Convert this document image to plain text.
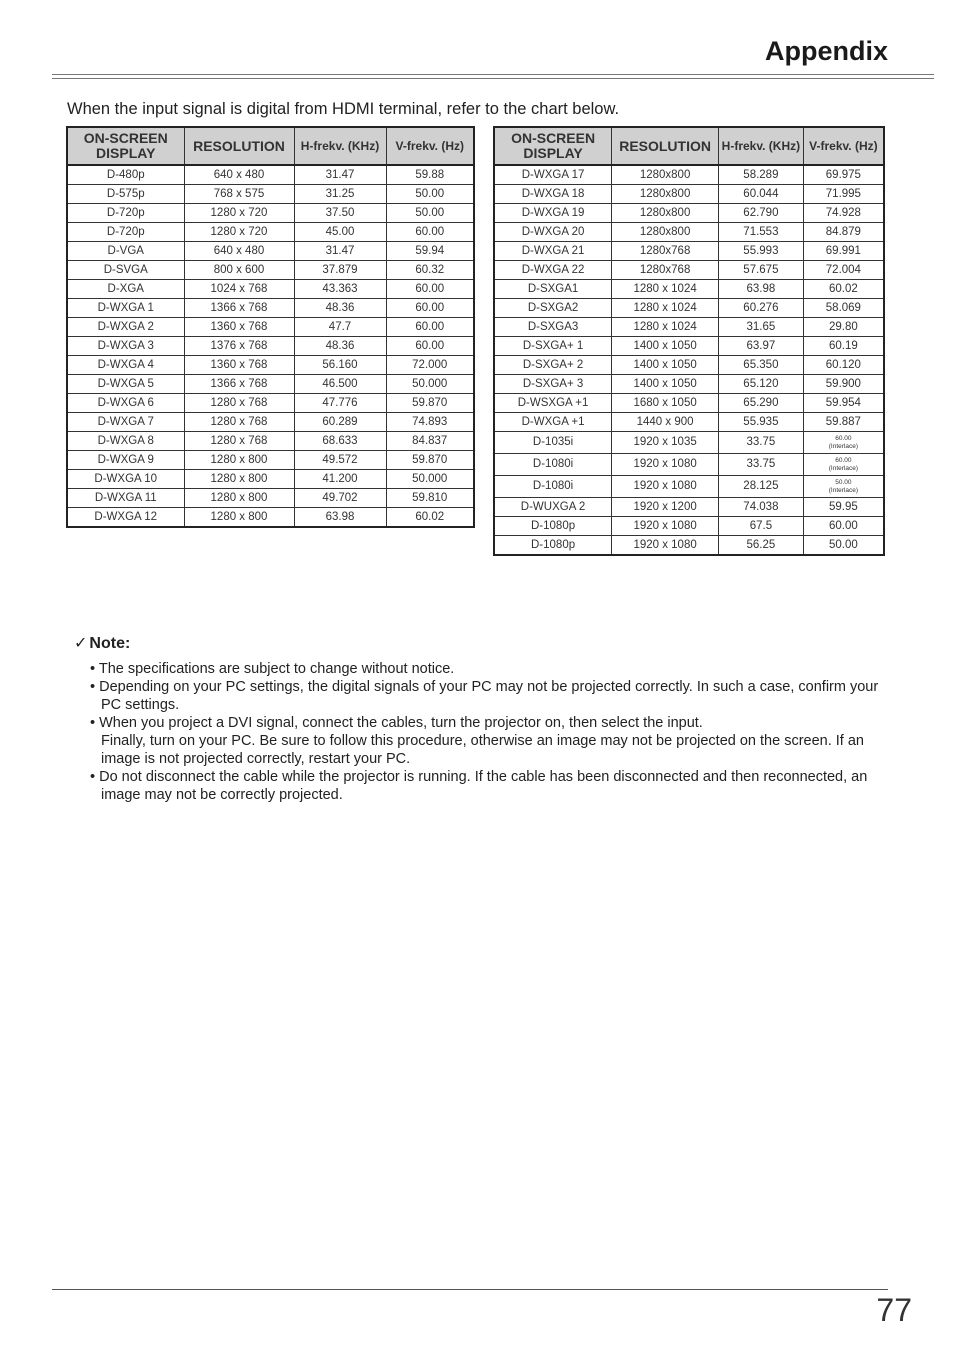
Appendix
When the input signal is digital from HDMI terminal, refer to the chart below.
ON-SCREEN DISPLAY	RESOLUTION	H-frekv. (KHz)	V-frekv. (Hz)
D-480p	640 x 480	31.47	59.88
D-575p	768 x 575	31.25	50.00
D-720p	1280 x 720	37.50	50.00
D-720p	1280 x 720	45.00	60.00
D-VGA	640 x 480	31.47	59.94
D-SVGA	800 x 600	37.879	60.32
D-XGA	1024 x 768	43.363	60.00
D-WXGA 1	1366 x 768	48.36	60.00
D-WXGA 2	1360 x 768	47.7	60.00
D-WXGA 3	1376 x 768	48.36	60.00
D-WXGA 4	1360 x 768	56.160	72.000
D-WXGA 5	1366 x 768	46.500	50.000
D-WXGA 6	1280 x 768	47.776	59.870
D-WXGA 7	1280 x 768	60.289	74.893
D-WXGA 8	1280 x 768	68.633	84.837
D-WXGA 9	1280 x 800	49.572	59.870
D-WXGA 10	1280 x 800	41.200	50.000
D-WXGA 11	1280 x 800	49.702	59.810
D-WXGA 12	1280 x 800	63.98	60.02
ON-SCREEN DISPLAY	RESOLUTION	H-frekv. (KHz)	V-frekv. (Hz)
D-WXGA 17	1280x800	58.289	69.975
D-WXGA 18	1280x800	60.044	71.995
D-WXGA 19	1280x800	62.790	74.928
D-WXGA 20	1280x800	71.553	84.879
D-WXGA 21	1280x768	55.993	69.991
D-WXGA 22	1280x768	57.675	72.004
D-SXGA1	1280 x 1024	63.98	60.02
D-SXGA2	1280 x 1024	60.276	58.069
D-SXGA3	1280 x 1024	31.65	29.80
D-SXGA+ 1	1400 x 1050	63.97	60.19
D-SXGA+ 2	1400 x 1050	65.350	60.120
D-SXGA+ 3	1400 x 1050	65.120	59.900
D-WSXGA +1	1680 x 1050	65.290	59.954
D-WXGA +1	1440 x 900	55.935	59.887
D-1035i	1920 x 1035	33.75	60.00
(Interlace)
D-1080i	1920 x 1080	33.75	60.00
(Interlace)
D-1080i	1920 x 1080	28.125	50.00
(Interlace)
D-WUXGA 2	1920 x 1200	74.038	59.95
D-1080p	1920 x 1080	67.5	60.00
D-1080p	1920 x 1080	56.25	50.00
✓ Note:
• The specifications are subject to change without notice.
• Depending on your PC settings, the digital signals of your PC may not be projected correctly. In such a case, confirm your PC settings.
• When you project a DVI signal, connect the cables, turn the projector on, then select the input.
Finally, turn on your PC. Be sure to follow this procedure, otherwise an image may not be projected on the screen. If an image is not projected correctly, restart your PC.
• Do not disconnect the cable while the projector is running. If the cable has been disconnected and then reconnected, an image may not be correctly projected.
77
